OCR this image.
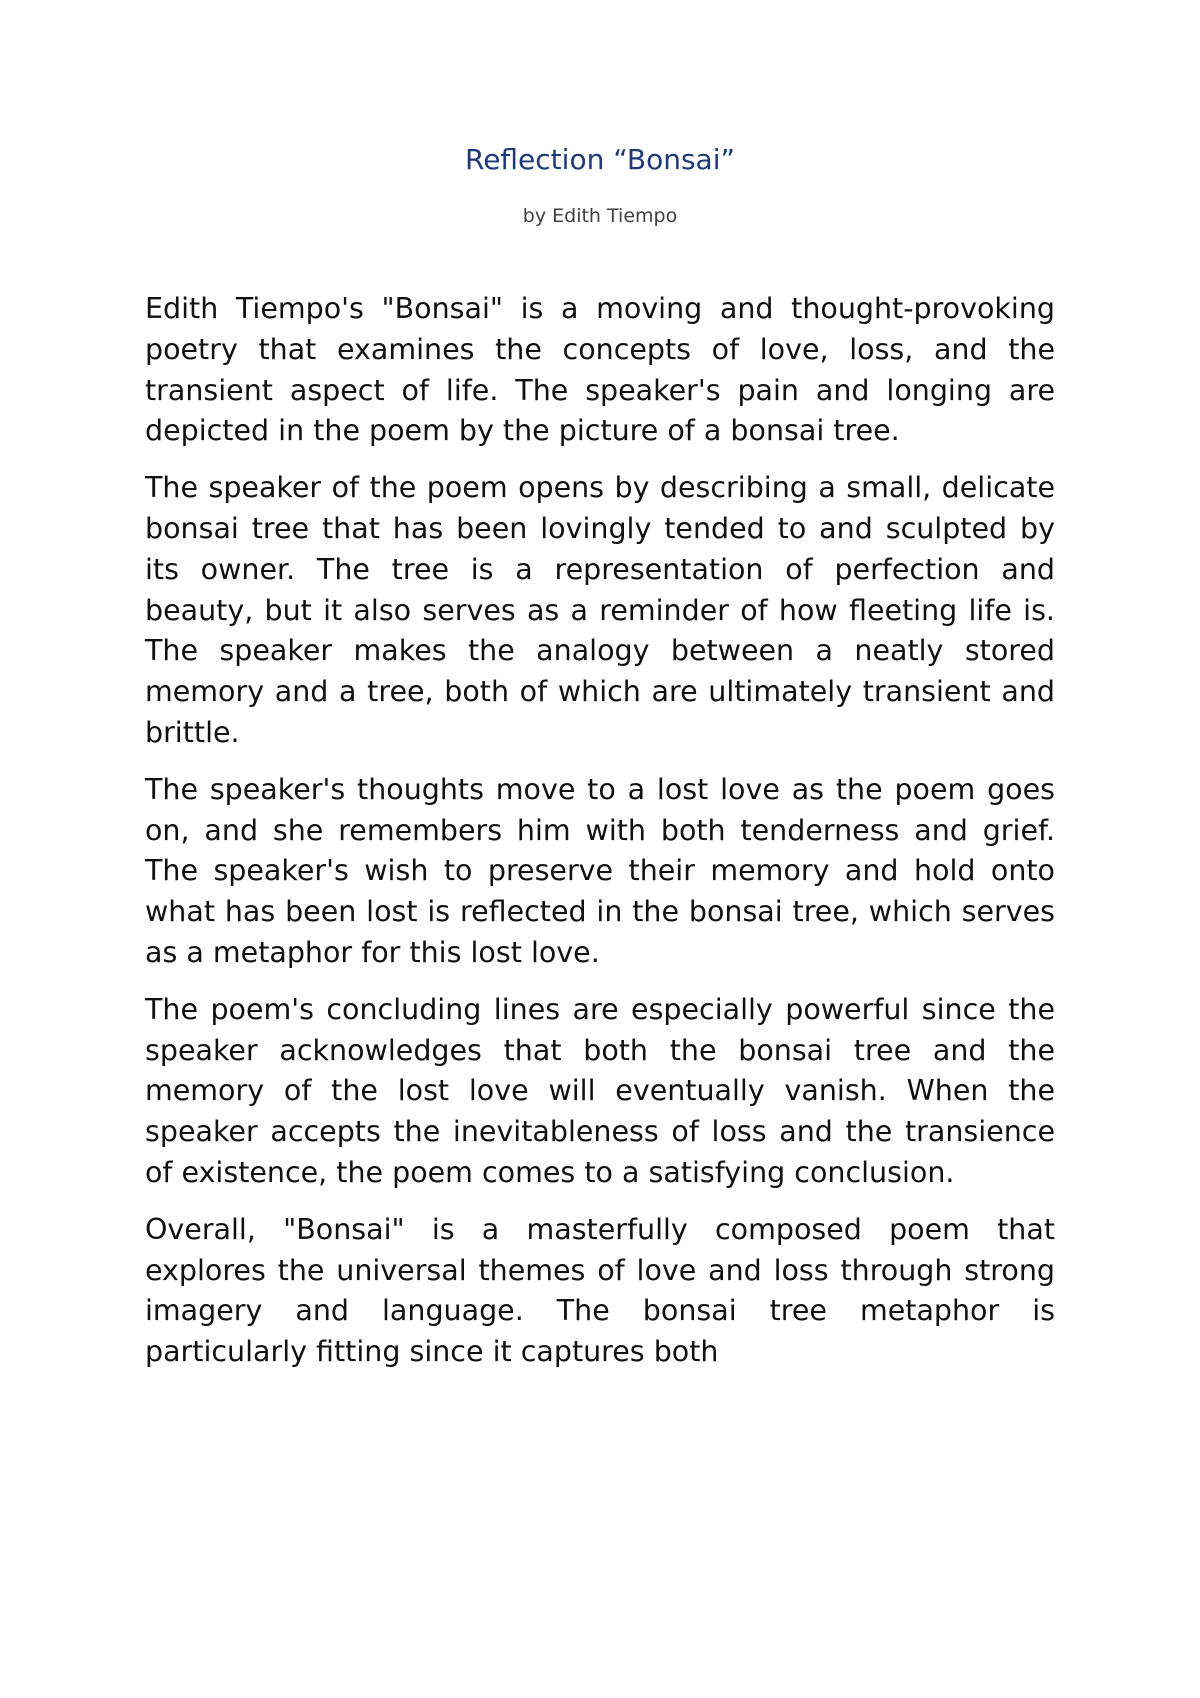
Reflection “Bonsai”
by Edith Tiempo

Edith Tiempo's "Bonsai" is a moving and thought-provoking poetry that examines the concepts of love, loss, and the transient aspect of life. The speaker's pain and longing are depicted in the poem by the picture of a bonsai tree.

The speaker of the poem opens by describing a small, delicate bonsai tree that has been lovingly tended to and sculpted by its owner. The tree is a representation of perfection and beauty, but it also serves as a reminder of how fleeting life is. The speaker makes the analogy between a neatly stored memory and a tree, both of which are ultimately transient and brittle.

The speaker's thoughts move to a lost love as the poem goes on, and she remembers him with both tenderness and grief. The speaker's wish to preserve their memory and hold onto what has been lost is reflected in the bonsai tree, which serves as a metaphor for this lost love.

The poem's concluding lines are especially powerful since the speaker acknowledges that both the bonsai tree and the memory of the lost love will eventually vanish. When the speaker accepts the inevitableness of loss and the transience of existence, the poem comes to a satisfying conclusion.

Overall, "Bonsai" is a masterfully composed poem that explores the universal themes of love and loss through strong imagery and language. The bonsai tree metaphor is particularly fitting since it captures both
